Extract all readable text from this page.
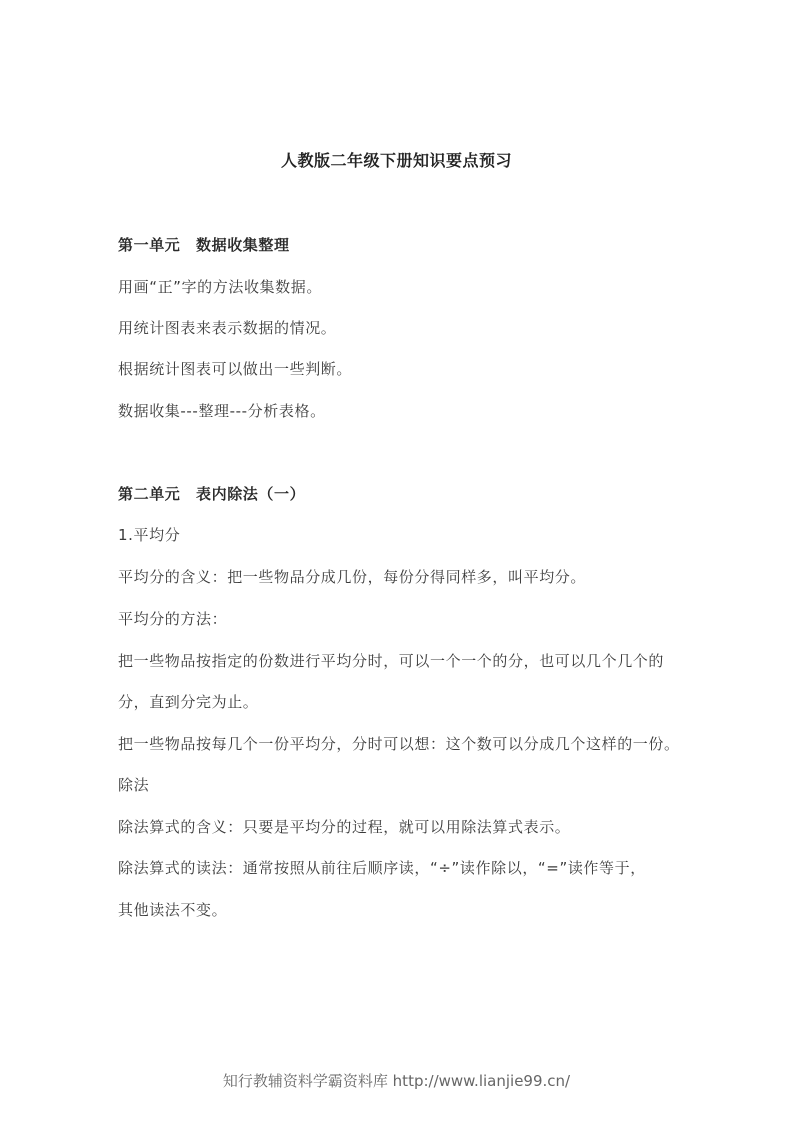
人教版二年级下册知识要点预习
第一单元　数据收集整理
用画“正”字的方法收集数据。
用统计图表来表示数据的情况。
根据统计图表可以做出一些判断。
数据收集---整理---分析表格。
第二单元　表内除法（一）
1.平均分
平均分的含义：把一些物品分成几份，每份分得同样多，叫平均分。
平均分的方法：
把一些物品按指定的份数进行平均分时，可以一个一个的分，也可以几个几个的
分，直到分完为止。
把一些物品按每几个一份平均分，分时可以想：这个数可以分成几个这样的一份。
除法
除法算式的含义：只要是平均分的过程，就可以用除法算式表示。
除法算式的读法：通常按照从前往后顺序读，“÷”读作除以，“=”读作等于，
其他读法不变。
知行教辅资料学霸资料库 http://www.lianjie99.cn/
